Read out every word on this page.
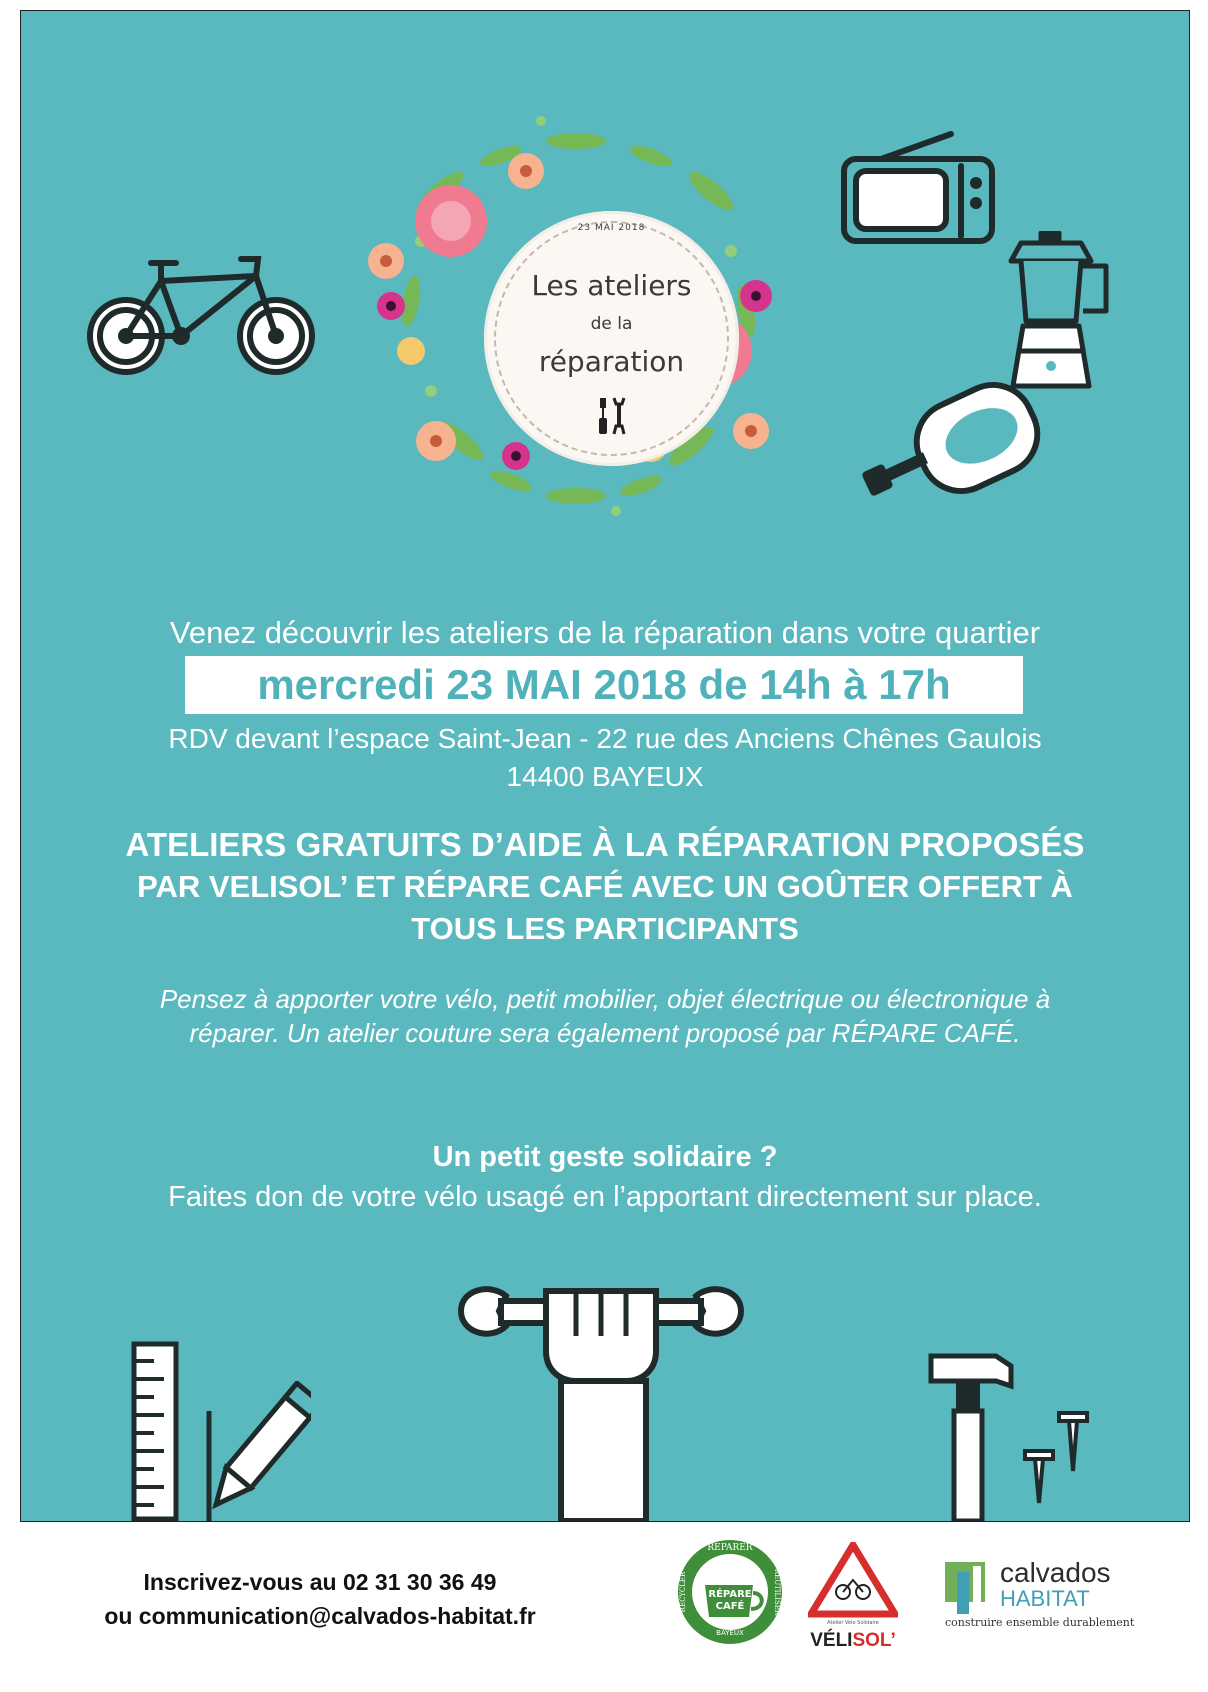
23 MAI 2018
Les ateliers
de la
réparation
Venez découvrir les ateliers de la réparation dans votre quartier
mercredi 23 MAI 2018 de 14h à 17h
RDV devant l’espace Saint-Jean - 22 rue des Anciens Chênes Gaulois
14400 BAYEUX
ATELIERS GRATUITS D’AIDE À LA RÉPARATION PROPOSÉS
PAR VELISOL’ ET RÉPARE CAFÉ AVEC UN GOÛTER OFFERT À
TOUS LES PARTICIPANTS
Pensez à apporter votre vélo, petit mobilier, objet électrique ou électronique à
réparer. Un atelier couture sera également proposé par RÉPARE CAFÉ.
Un petit geste solidaire ?
Faites don de votre vélo usagé en l’apportant directement sur place.
Inscrivez-vous au 02 31 30 36 49
ou communication@calvados-habitat.fr
REPARER
RECYCLER	REUTILISER
RÉPARE
CAFÉ
BAYEUX
Atelier Vélo Solidaire
VÉLISOL’
calvados
HABITAT
construire ensemble durablement
